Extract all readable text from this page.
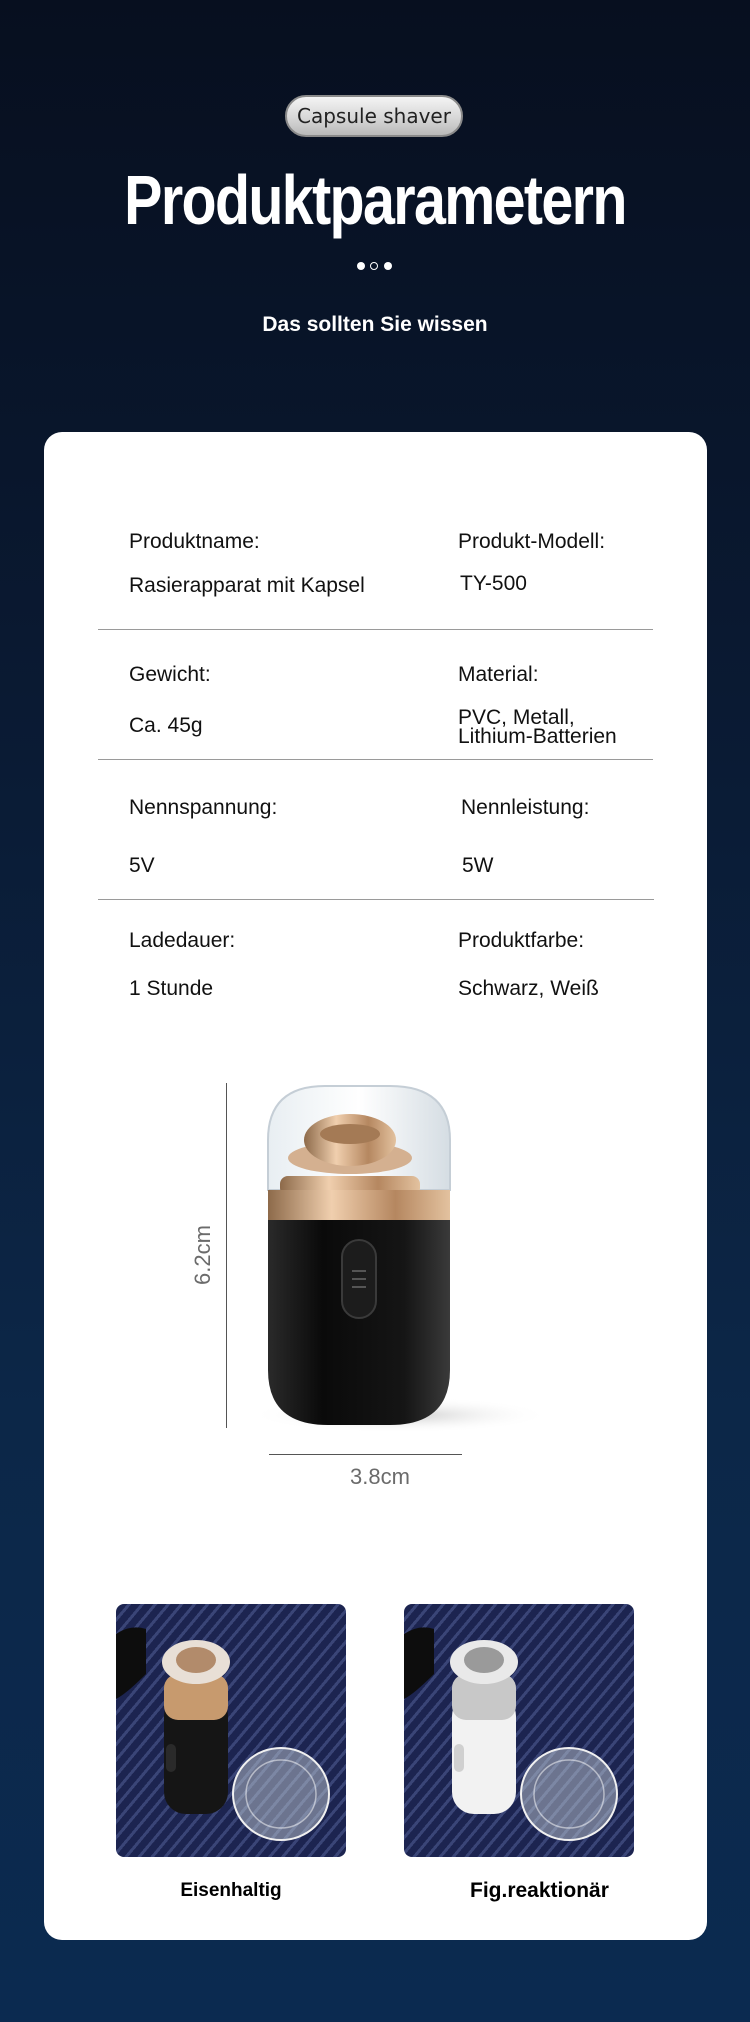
Capsule shaver
Produktparametern
Das sollten Sie wissen
Produktname:
Rasierapparat mit Kapsel
Produkt-Modell:
TY-500
Gewicht:
Ca. 45g
Material:
PVC, Metall,
Lithium-Batterien
Nennspannung:
5V
Nennleistung:
5W
Ladedauer:
1 Stunde
Produktfarbe:
Schwarz, Weiß
6.2cm
3.8cm
Eisenhaltig	Fig.reaktionär
